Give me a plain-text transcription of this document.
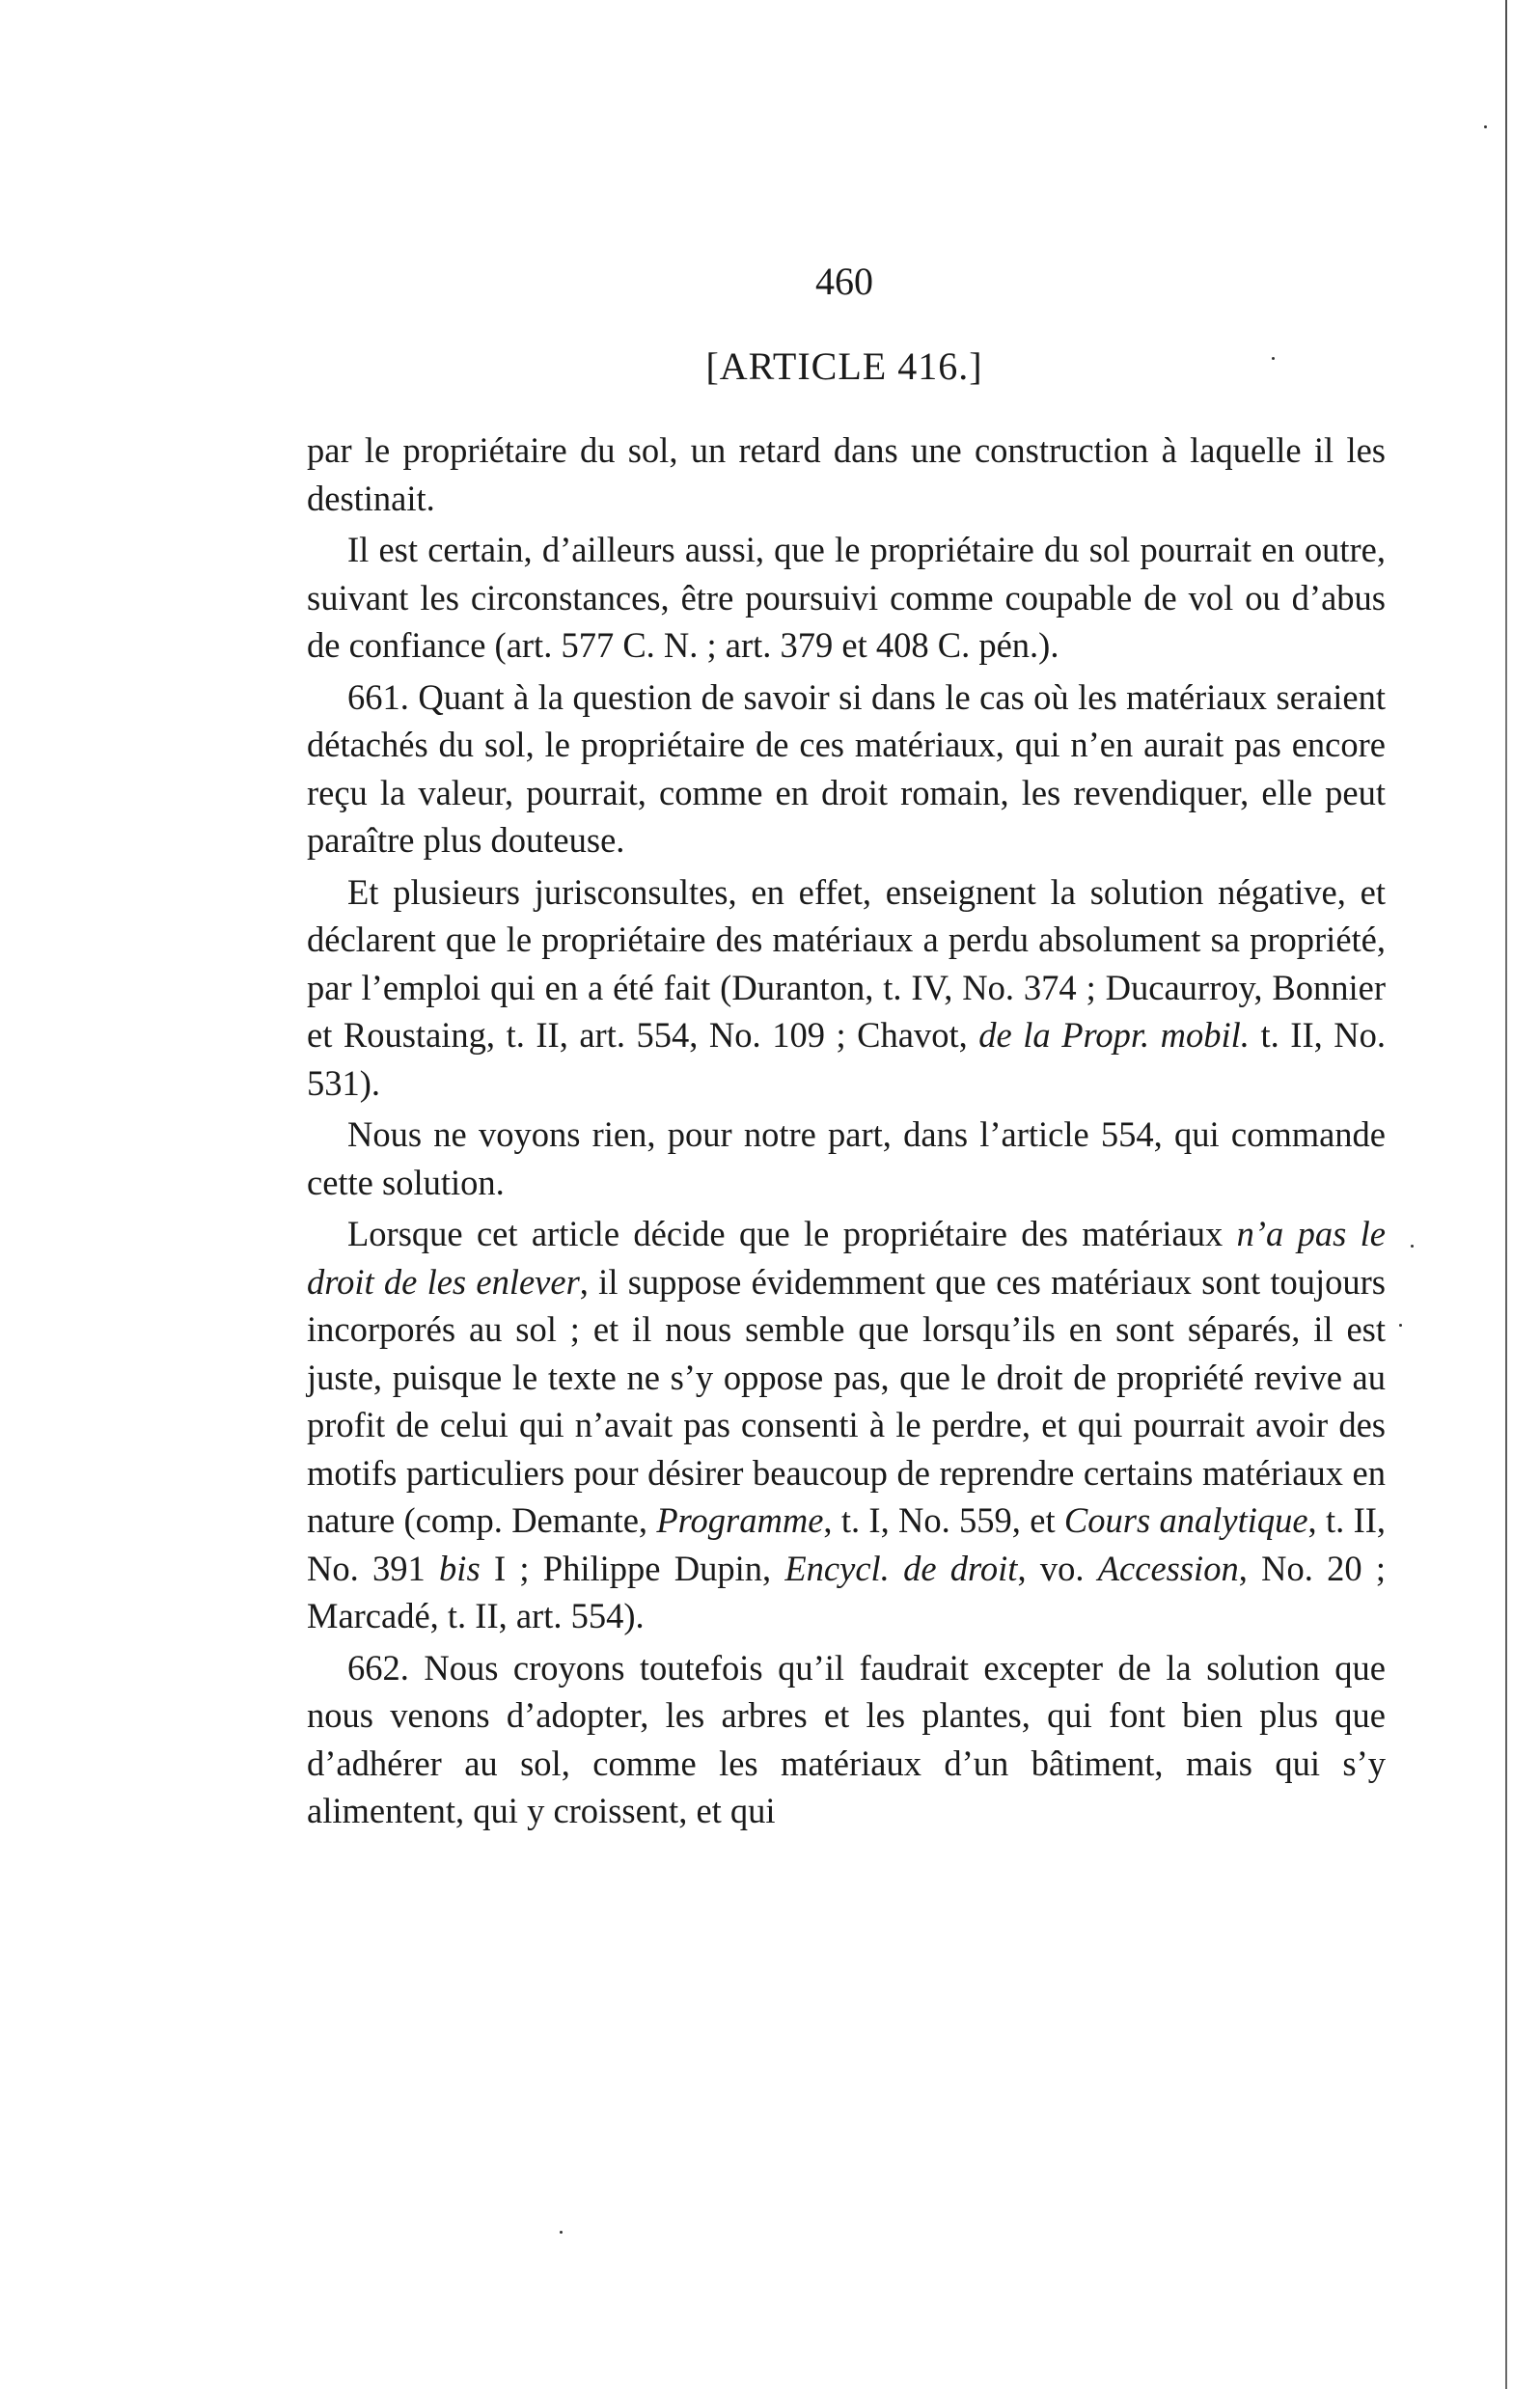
460
[ARTICLE 416.]

par le propriétaire du sol, un retard dans une construction à laquelle il les destinait.

Il est certain, d’ailleurs aussi, que le propriétaire du sol pourrait en outre, suivant les circonstances, être poursuivi comme coupable de vol ou d’abus de confiance (art. 577 C. N. ; art. 379 et 408 C. pén.).

661. Quant à la question de savoir si dans le cas où les matériaux seraient détachés du sol, le propriétaire de ces matériaux, qui n’en aurait pas encore reçu la valeur, pourrait, comme en droit romain, les revendiquer, elle peut paraître plus douteuse.

Et plusieurs jurisconsultes, en effet, enseignent la solution négative, et déclarent que le propriétaire des matériaux a perdu absolument sa propriété, par l’emploi qui en a été fait (Duranton, t. IV, No. 374 ; Ducaurroy, Bonnier et Roustaing, t. II, art. 554, No. 109 ; Chavot, de la Propr. mobil. t. II, No. 531).

Nous ne voyons rien, pour notre part, dans l’article 554, qui commande cette solution.

Lorsque cet article décide que le propriétaire des matériaux n’a pas le droit de les enlever, il suppose évidemment que ces matériaux sont toujours incorporés au sol ; et il nous semble que lorsqu’ils en sont séparés, il est juste, puisque le texte ne s’y oppose pas, que le droit de propriété revive au profit de celui qui n’avait pas consenti à le perdre, et qui pourrait avoir des motifs particuliers pour désirer beaucoup de reprendre certains matériaux en nature (comp. Demante, Programme, t. I, No. 559, et Cours analytique, t. II, No. 391 bis I ; Philippe Dupin, Encycl. de droit, vo. Accession, No. 20 ; Marcadé, t. II, art. 554).

662. Nous croyons toutefois qu’il faudrait excepter de la solution que nous venons d’adopter, les arbres et les plantes, qui font bien plus que d’adhérer au sol, comme les matériaux d’un bâtiment, mais qui s’y alimentent, qui y croissent, et qui
